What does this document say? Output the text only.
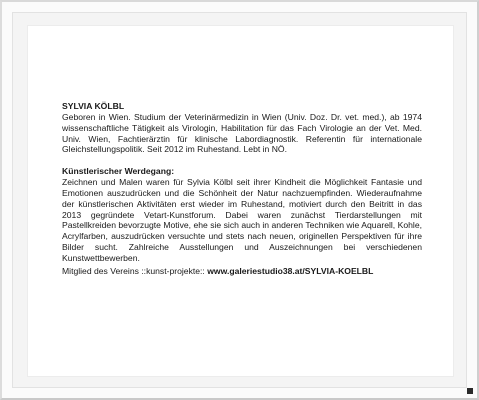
SYLVIA KÖLBL

Geboren in Wien. Studium der Veterinärmedizin in Wien (Univ. Doz. Dr. vet. med.), ab 1974 wissenschaftliche Tätigkeit als Virologin, Habilitation für das Fach Virologie an der Vet. Med. Univ. Wien, Fachtierärztin für klinische Labordiagnostik. Referentin für internationale Gleichstellungspolitik. Seit 2012 im Ruhestand. Lebt in NÖ.

Künstlerischer Werdegang:

Zeichnen und Malen waren für Sylvia Kölbl seit ihrer Kindheit die Möglichkeit Fantasie und Emotionen auszudrücken und die Schönheit der Natur nachzuempfinden. Wiederaufnahme der künstlerischen Aktivitäten erst wieder im Ruhestand, motiviert durch den Beitritt in das 2013 gegründete Vetart-Kunstforum. Dabei waren zunächst Tierdarstellungen mit Pastellkreiden bevorzugte Motive, ehe sie sich auch in anderen Techniken wie Aquarell, Kohle, Acrylfarben, auszudrücken versuchte und stets nach neuen, originellen Perspektiven für ihre Bilder sucht. Zahlreiche Ausstellungen und Auszeichnungen bei verschiedenen Kunstwettbewerben.

Mitglied des Vereins ::kunst-projekte:: www.galeriestudio38.at/SYLVIA-KOELBL
